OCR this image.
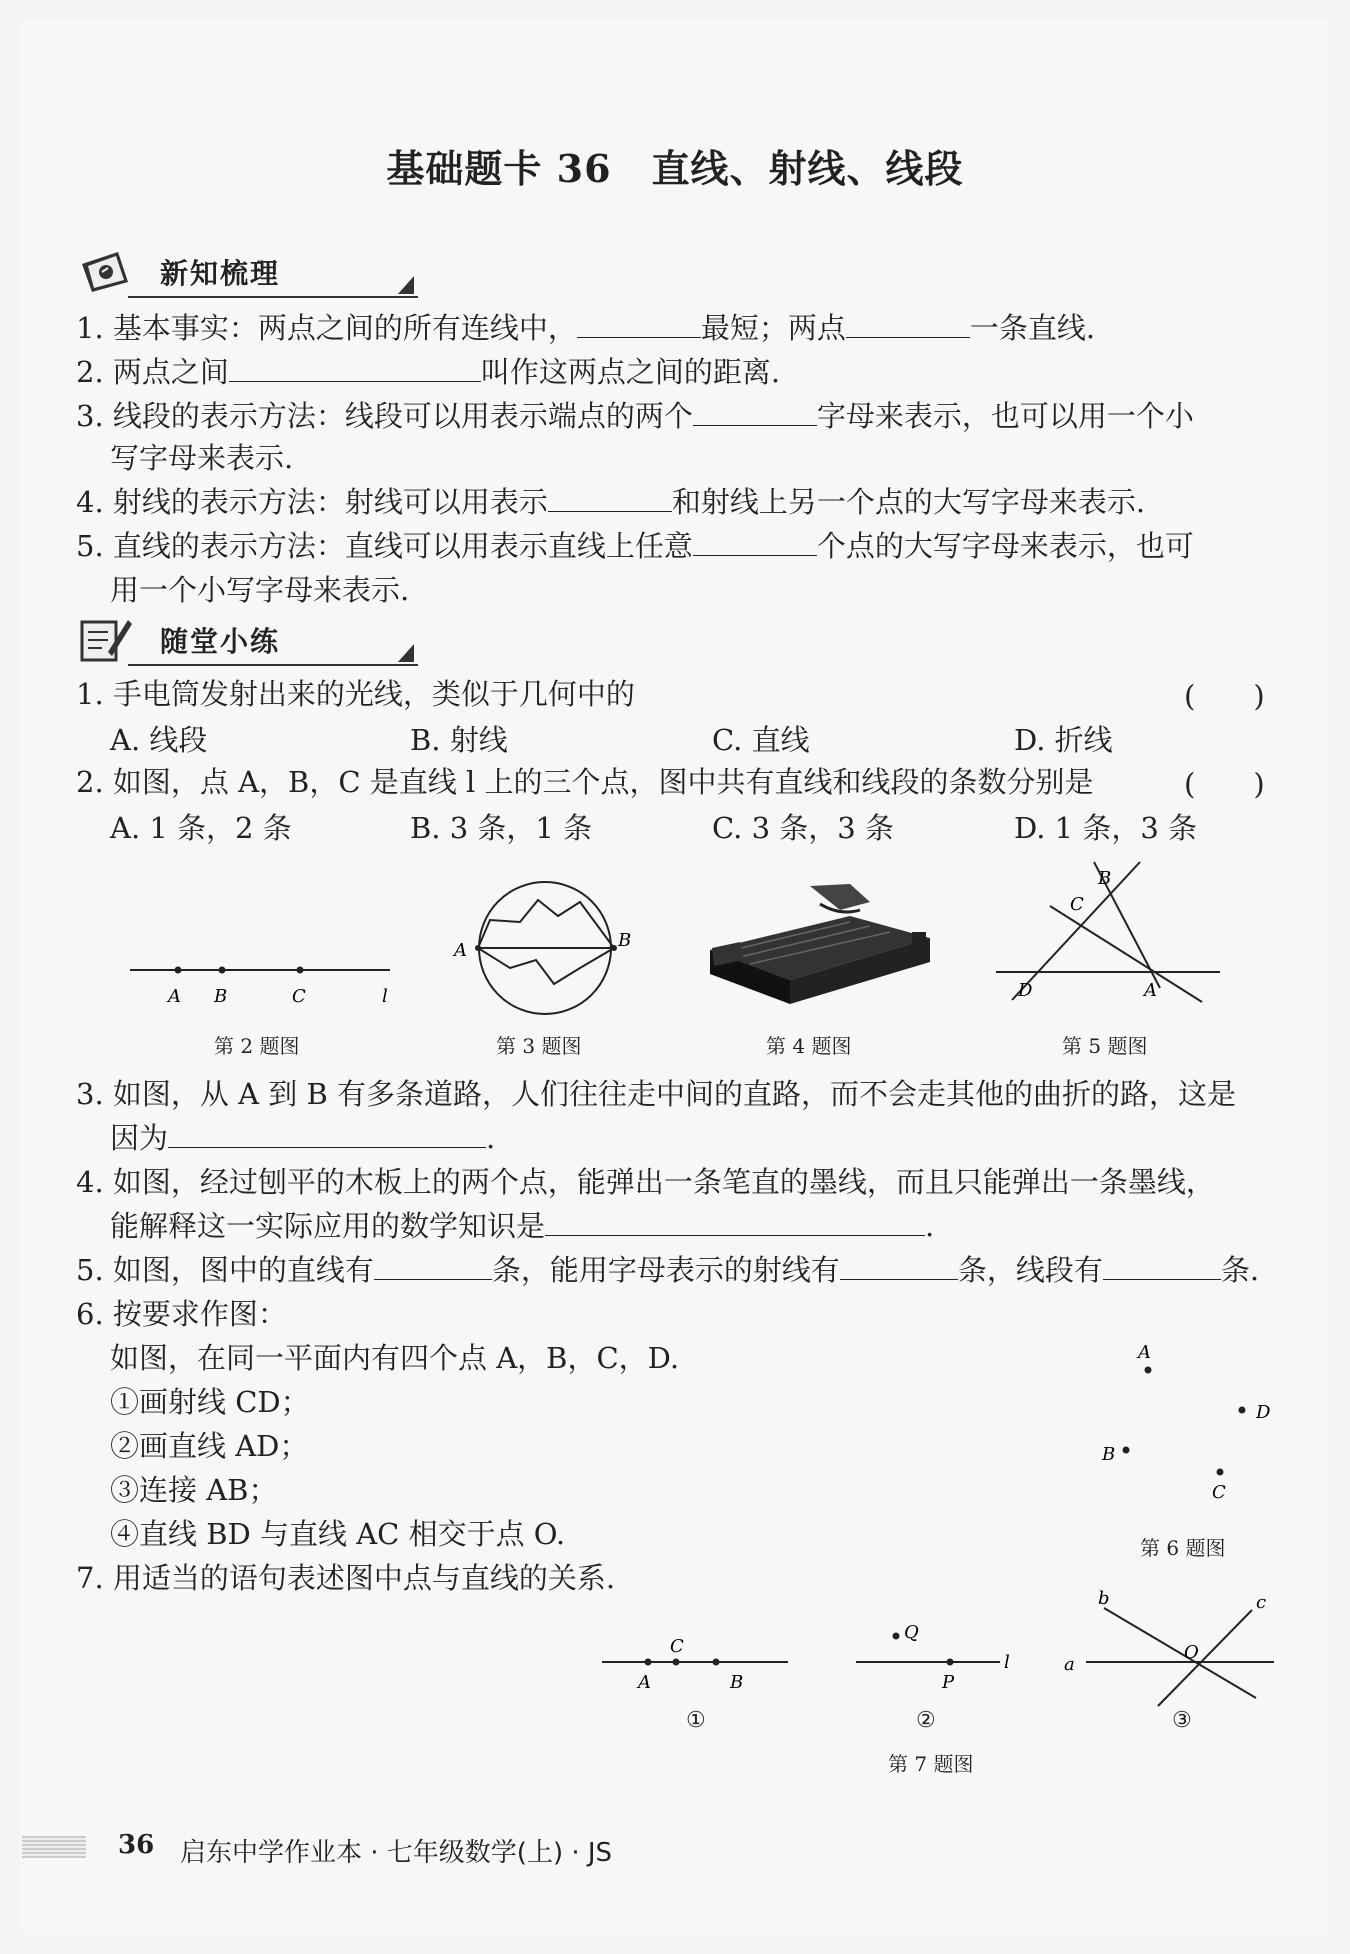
基础题卡 36 直线、射线、线段
新知梳理
1. 基本事实：两点之间的所有连线中，	最短；两点	一条直线.
2. 两点之间	叫作这两点之间的距离.
3. 线段的表示方法：线段可以用表示端点的两个	字母来表示，也可以用一个小
写字母来表示.
4. 射线的表示方法：射线可以用表示	和射线上另一个点的大写字母来表示.
5. 直线的表示方法：直线可以用表示直线上任意	个点的大写字母来表示，也可
用一个小写字母来表示.
随堂小练
1. 手电筒发射出来的光线，类似于几何中的	(　　)
A. 线段	B. 射线	C. 直线	D. 折线
2. 如图，点 A，B，C 是直线 l 上的三个点，图中共有直线和线段的条数分别是	(　　)
A. 1 条，2 条	B. 3 条，1 条	C. 3 条，3 条	D. 1 条，3 条
A B	C	l
第 2 题图
A	B
第 3 题图	第 4 题图
D	A
C
B
第 5 题图
3. 如图，从 A 到 B 有多条道路，人们往往走中间的直路，而不会走其他的曲折的路，这是
因为	.
4. 如图，经过刨平的木板上的两个点，能弹出一条笔直的墨线，而且只能弹出一条墨线，
能解释这一实际应用的数学知识是	.
5. 如图，图中的直线有	条，能用字母表示的射线有	条，线段有	条.
6. 按要求作图：
如图，在同一平面内有四个点 A，B，C，D.
①画射线 CD；
②画直线 AD；
③连接 AB；
④直线 BD 与直线 AC 相交于点 O.
A
D
B
C
第 6 题图
7. 用适当的语句表述图中点与直线的关系.
C
A	B
①
Q
P
l
②
a
b	c
O
③
第 7 题图
36 启东中学作业本 · 七年级数学(上) · JS
